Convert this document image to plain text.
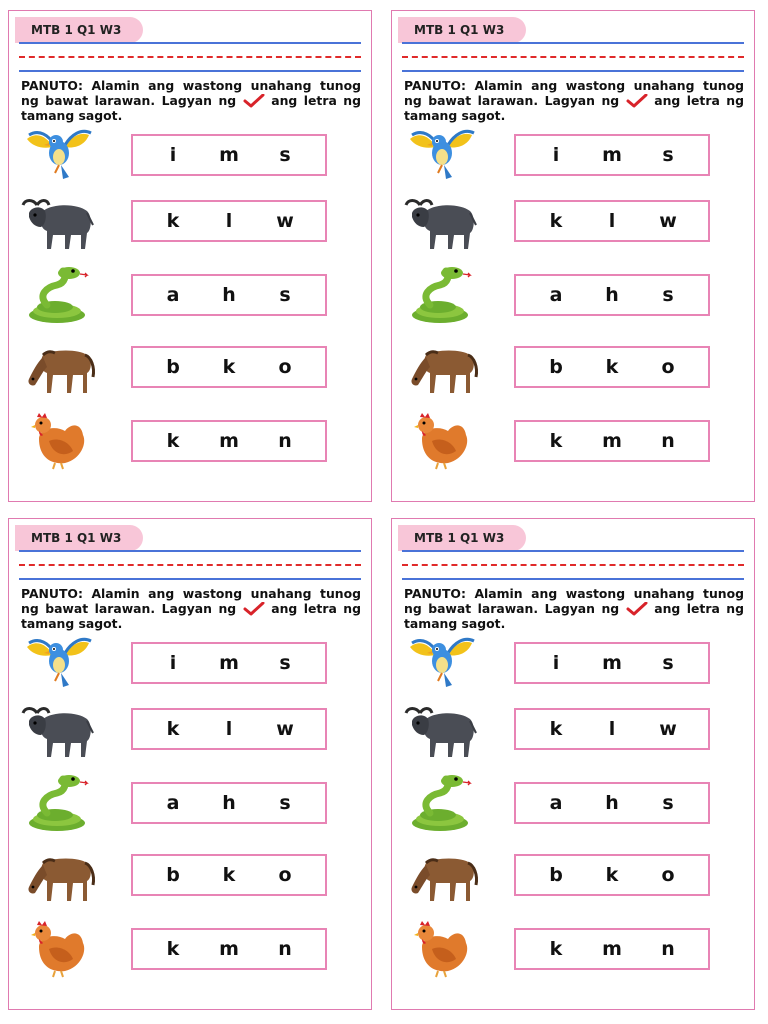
MTB 1 Q1 W3
PANUTO: Alamin ang wastong unahang tunog ng bawat larawan. Lagyan ng	ang letra ng tamang sagot.
i	m	s
k	l	w
a	h	s
b	k	o
k	m	n
MTB 1 Q1 W3
PANUTO: Alamin ang wastong unahang tunog ng bawat larawan. Lagyan ng	ang letra ng tamang sagot.
i	m	s
k	l	w
a	h	s
b	k	o
k	m	n
MTB 1 Q1 W3
PANUTO: Alamin ang wastong unahang tunog ng bawat larawan. Lagyan ng	ang letra ng tamang sagot.
i	m	s
k	l	w
a	h	s
b	k	o
k	m	n
MTB 1 Q1 W3
PANUTO: Alamin ang wastong unahang tunog ng bawat larawan. Lagyan ng	ang letra ng tamang sagot.
i	m	s
k	l	w
a	h	s
b	k	o
k	m	n
